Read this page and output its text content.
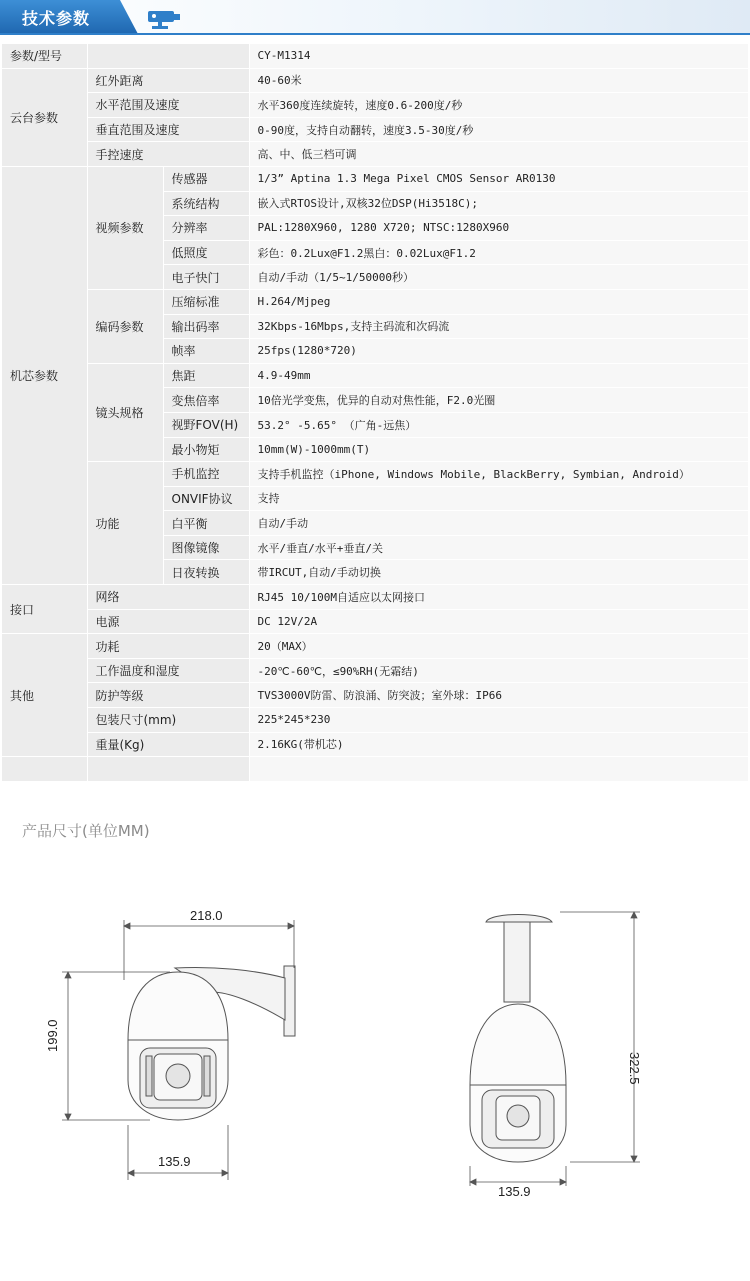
技术参数
参数/型号			CY-M1314
云台参数	红外距离		40-60米
	水平范围及速度		水平360度连续旋转，速度0.6-200度/秒
	垂直范围及速度		0-90度，支持自动翻转，速度3.5-30度/秒
	手控速度		高、中、低三档可调
机芯参数	视频参数	传感器	1/3” Aptina 1.3 Mega Pixel CMOS Sensor AR0130
		系统结构	嵌入式RTOS设计,双核32位DSP(Hi3518C);
		分辨率	PAL:1280X960, 1280 X720; NTSC:1280X960
		低照度	彩色：0.2Lux@F1.2黑白：0.02Lux@F1.2
		电子快门	自动/手动（1/5~1/50000秒）
	编码参数	压缩标准	H.264/Mjpeg
		输出码率	32Kbps-16Mbps,支持主码流和次码流
		帧率	25fps(1280*720)
	镜头规格	焦距	4.9-49mm
		变焦倍率	10倍光学变焦，优异的自动对焦性能，F2.0光圈
		视野FOV(H)	53.2° -5.65° （广角-远焦）
		最小物矩	10mm(W)-1000mm(T)
	功能	手机监控	支持手机监控（iPhone, Windows Mobile, BlackBerry, Symbian, Android）
		ONVIF协议	支持
		白平衡	自动/手动
		图像镜像	水平/垂直/水平+垂直/关
		日夜转换	带IRCUT,自动/手动切换
接口	网络		RJ45 10/100M自适应以太网接口
	电源		DC 12V/2A
其他	功耗		20（MAX）
	工作温度和湿度		-20℃-60℃，≤90%RH(无霜结)
	防护等级		TVS3000V防雷、防浪涌、防突波；室外球：IP66
	包装尺寸(mm)		225*245*230
	重量(Kg)		2.16KG(带机芯)

产品尺寸(单位MM)
218.0
199.0
135.9
322.5
135.9
